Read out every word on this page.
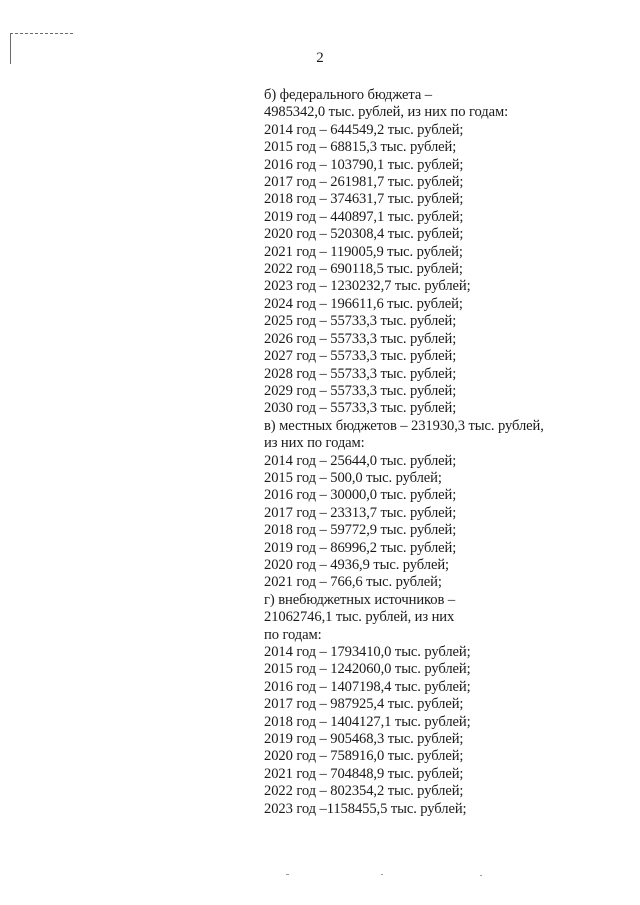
2
б) федерального бюджета –
4985342,0 тыс. рублей, из них по годам:
2014 год – 644549,2 тыс. рублей;
2015 год – 68815,3 тыс. рублей;
2016 год – 103790,1 тыс. рублей;
2017 год – 261981,7 тыс. рублей;
2018 год – 374631,7 тыс. рублей;
2019 год – 440897,1 тыс. рублей;
2020 год – 520308,4 тыс. рублей;
2021 год – 119005,9 тыс. рублей;
2022 год – 690118,5 тыс. рублей;
2023 год – 1230232,7 тыс. рублей;
2024 год – 196611,6 тыс. рублей;
2025 год – 55733,3 тыс. рублей;
2026 год – 55733,3 тыс. рублей;
2027 год – 55733,3 тыс. рублей;
2028 год – 55733,3 тыс. рублей;
2029 год – 55733,3 тыс. рублей;
2030 год – 55733,3 тыс. рублей;
в) местных бюджетов – 231930,3 тыс. рублей,
из них по годам:
2014 год – 25644,0 тыс. рублей;
2015 год – 500,0 тыс. рублей;
2016 год – 30000,0 тыс. рублей;
2017 год – 23313,7 тыс. рублей;
2018 год – 59772,9 тыс. рублей;
2019 год – 86996,2 тыс. рублей;
2020 год – 4936,9 тыс. рублей;
2021 год – 766,6 тыс. рублей;
г) внебюджетных источников –
21062746,1 тыс. рублей, из них
по годам:
2014 год – 1793410,0 тыс. рублей;
2015 год – 1242060,0 тыс. рублей;
2016 год – 1407198,4 тыс. рублей;
2017 год – 987925,4 тыс. рублей;
2018 год – 1404127,1 тыс. рублей;
2019 год – 905468,3 тыс. рублей;
2020 год – 758916,0 тыс. рублей;
2021 год – 704848,9 тыс. рублей;
2022 год – 802354,2 тыс. рублей;
2023 год –1158455,5 тыс. рублей;
